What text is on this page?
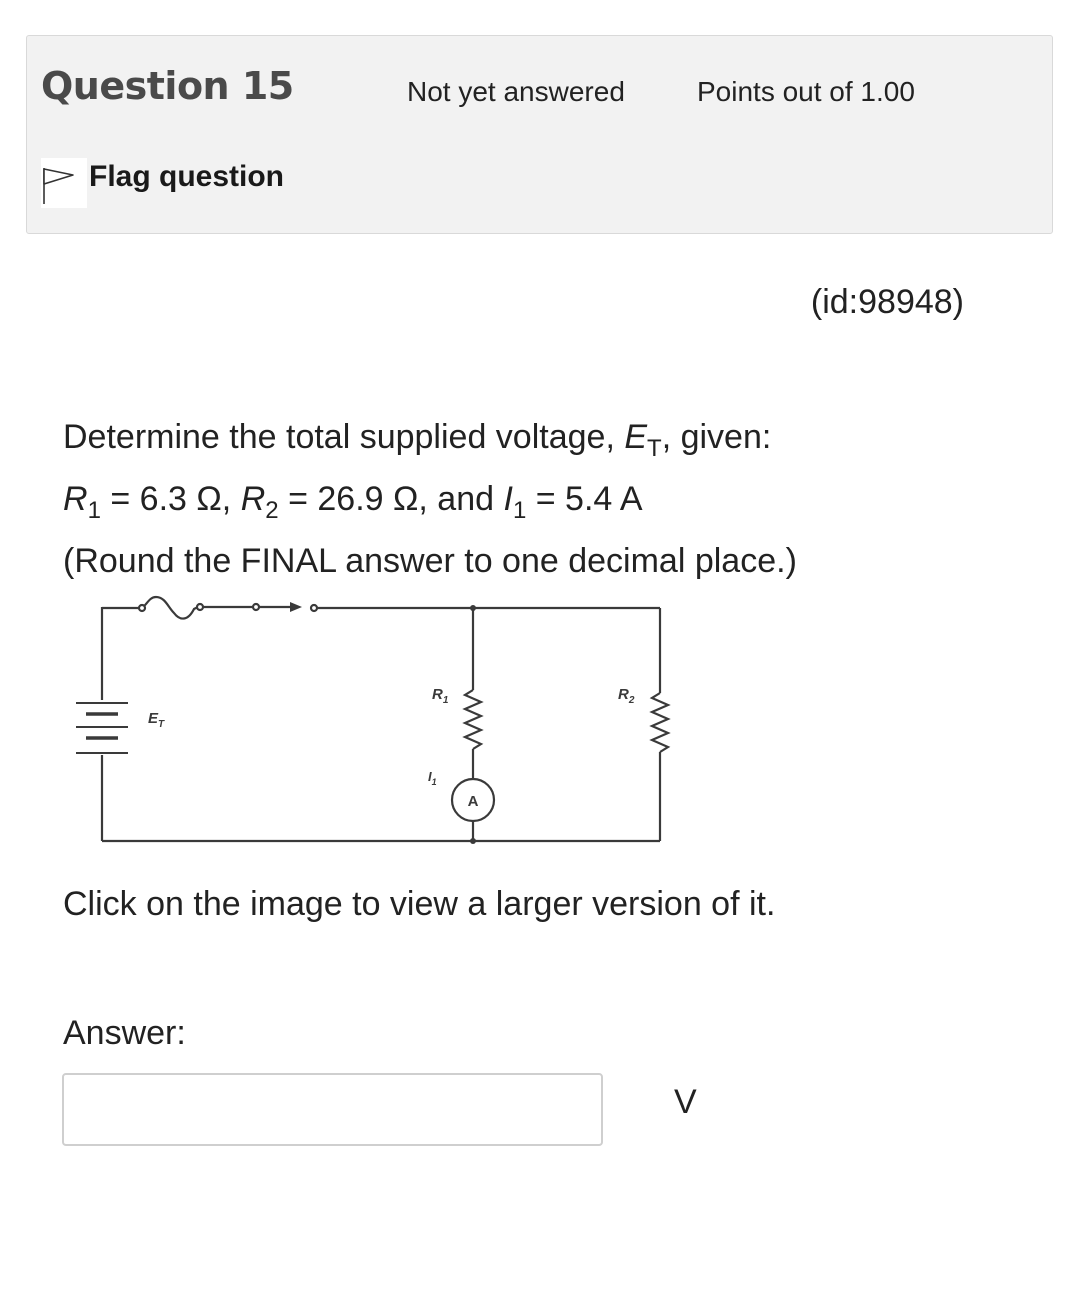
Question 15	Not yet answered	Points out of 1.00
Flag question
(id:98948)
Determine the total supplied voltage, $E_T$, given:
$R_1 = 6.3$ Ω, $R_2 = 26.9$ Ω, and $I_1 = 5.4$ A
(Round the FINAL answer to one decimal place.)
$E_T$
$R_1$	$R_2$
$I_1$
A
Click on the image to view a larger version of it.
Answer:
V
